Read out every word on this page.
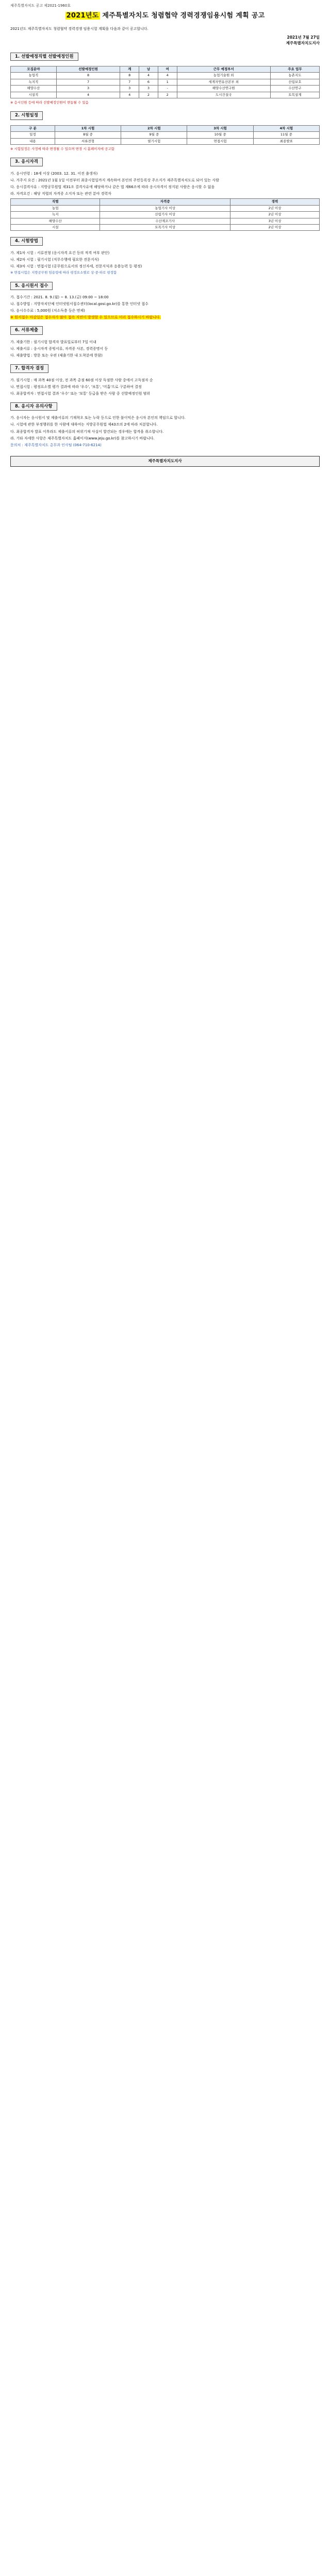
제주특별자치도 공고 제2021-1960호
2021년도 제주특별자치도 청렴협약 경력경쟁임용시험 계획 공고

2021년도 제주특별자치도 청렴협약 경력경쟁 임용시험 계획을 다음과 같이 공고합니다.

2021년 7월 27일
제주특별자치도지사
1. 선발예정직렬 선발예정인원
모집분야	선발예정인원	계	남	여	근무 예정부서	주요 업무
농업직	8	8	4	4	농업기술원 외	농촌지도
녹지직	7	7	6	1	세계자연유산본부 외	산림보호
해양수산	3	3	3	-	해양수산연구원	수산연구
시설직	4	4	2	2	도시건설국	토목설계
※ 응시인원 등에 따라 선발예정인원이 변동될 수 있음
2. 시험일정
구 분	1차 시험	2차 시험	3차 시험	4차 시험
일정	8월 중	9월 중	10월 중	11월 중
내용	서류전형	필기시험	면접시험	최종발표
※ 시험일정은 사정에 따라 변경될 수 있으며 변경 시 홈페이지에 공고함
3. 응시자격

가. 응시연령 : 18세 이상 (2003. 12. 31. 이전 출생자)

나. 거주지 요건 : 2021년 1월 1일 이전부터 최종시험일까지 계속하여 본인의 주민등록상 주소지가 제주특별자치도로 되어 있는 사람

다. 응시결격사유 : 지방공무원법 제31조 결격사유에 해당하거나 같은 법 제66조에 따라 응시자격이 정지된 사람은 응시할 수 없음

라. 자격요건 : 해당 직렬의 자격증 소지자 또는 관련 분야 경력자

직렬	자격증	경력
농업	농업기사 이상	2년 이상
녹지	산림기사 이상	2년 이상
해양수산	수산제조기사	3년 이상
시설	토목기사 이상	2년 이상
4. 시험방법

가. 제1차 시험 : 서류전형 (응시자격 요건 등의 적격 여부 판단)

나. 제2차 시험 : 필기시험 (직무수행에 필요한 전문지식)

다. 제3차 시험 : 면접시험 (공무원으로서의 정신자세, 전문지식과 응용능력 등 평정)

※ 면접시험은 지방공무원 임용령에 따라 평정요소별로 상·중·하로 평정함
5. 응시원서 접수

가. 접수기간 : 2021. 8. 9.(월) ~ 8. 13.(금) 09:00 ~ 18:00

나. 접수방법 : 지방자치단체 인터넷원서접수센터(local.gosi.go.kr)를 통한 인터넷 접수

다. 응시수수료 : 5,000원 (저소득층 등은 면제)

※ 원서접수 마감일은 접수자가 많아 접속 지연이 발생할 수 있으므로 미리 접수하시기 바랍니다.

6. 서류제출

가. 제출기한 : 필기시험 합격자 발표일로부터 7일 이내

나. 제출서류 : 응시자격 증빙서류, 자격증 사본, 경력증명서 등

다. 제출방법 : 방문 또는 우편 (제출기한 내 도착분에 한함)

7. 합격자 결정

가. 필기시험 : 매 과목 40점 이상, 전 과목 총점 60점 이상 득점한 사람 중에서 고득점자 순

나. 면접시험 : 평정요소별 평가 결과에 따라 '우수', '보통', '미흡'으로 구분하여 결정

다. 최종합격자 : 면접시험 결과 '우수' 또는 '보통' 등급을 받은 사람 중 선발예정인원 범위

8. 응시자 유의사항

가. 응시자는 응시원서 및 제출서류의 기재착오 또는 누락 등으로 인한 불이익은 응시자 본인의 책임으로 합니다.

나. 시험에 관한 부정행위를 한 사람에 대하여는 지방공무원법 제43조의 2에 따라 처분합니다.

다. 최종합격자 발표 이후라도 제출서류의 허위기재 사실이 발견되는 경우에는 합격을 취소합니다.

라. 기타 자세한 사항은 제주특별자치도 홈페이지(www.jeju.go.kr)를 참고하시기 바랍니다.

문의처 : 제주특별자치도 총무과 인사팀 (064-710-6214)

제주특별자치도지사
